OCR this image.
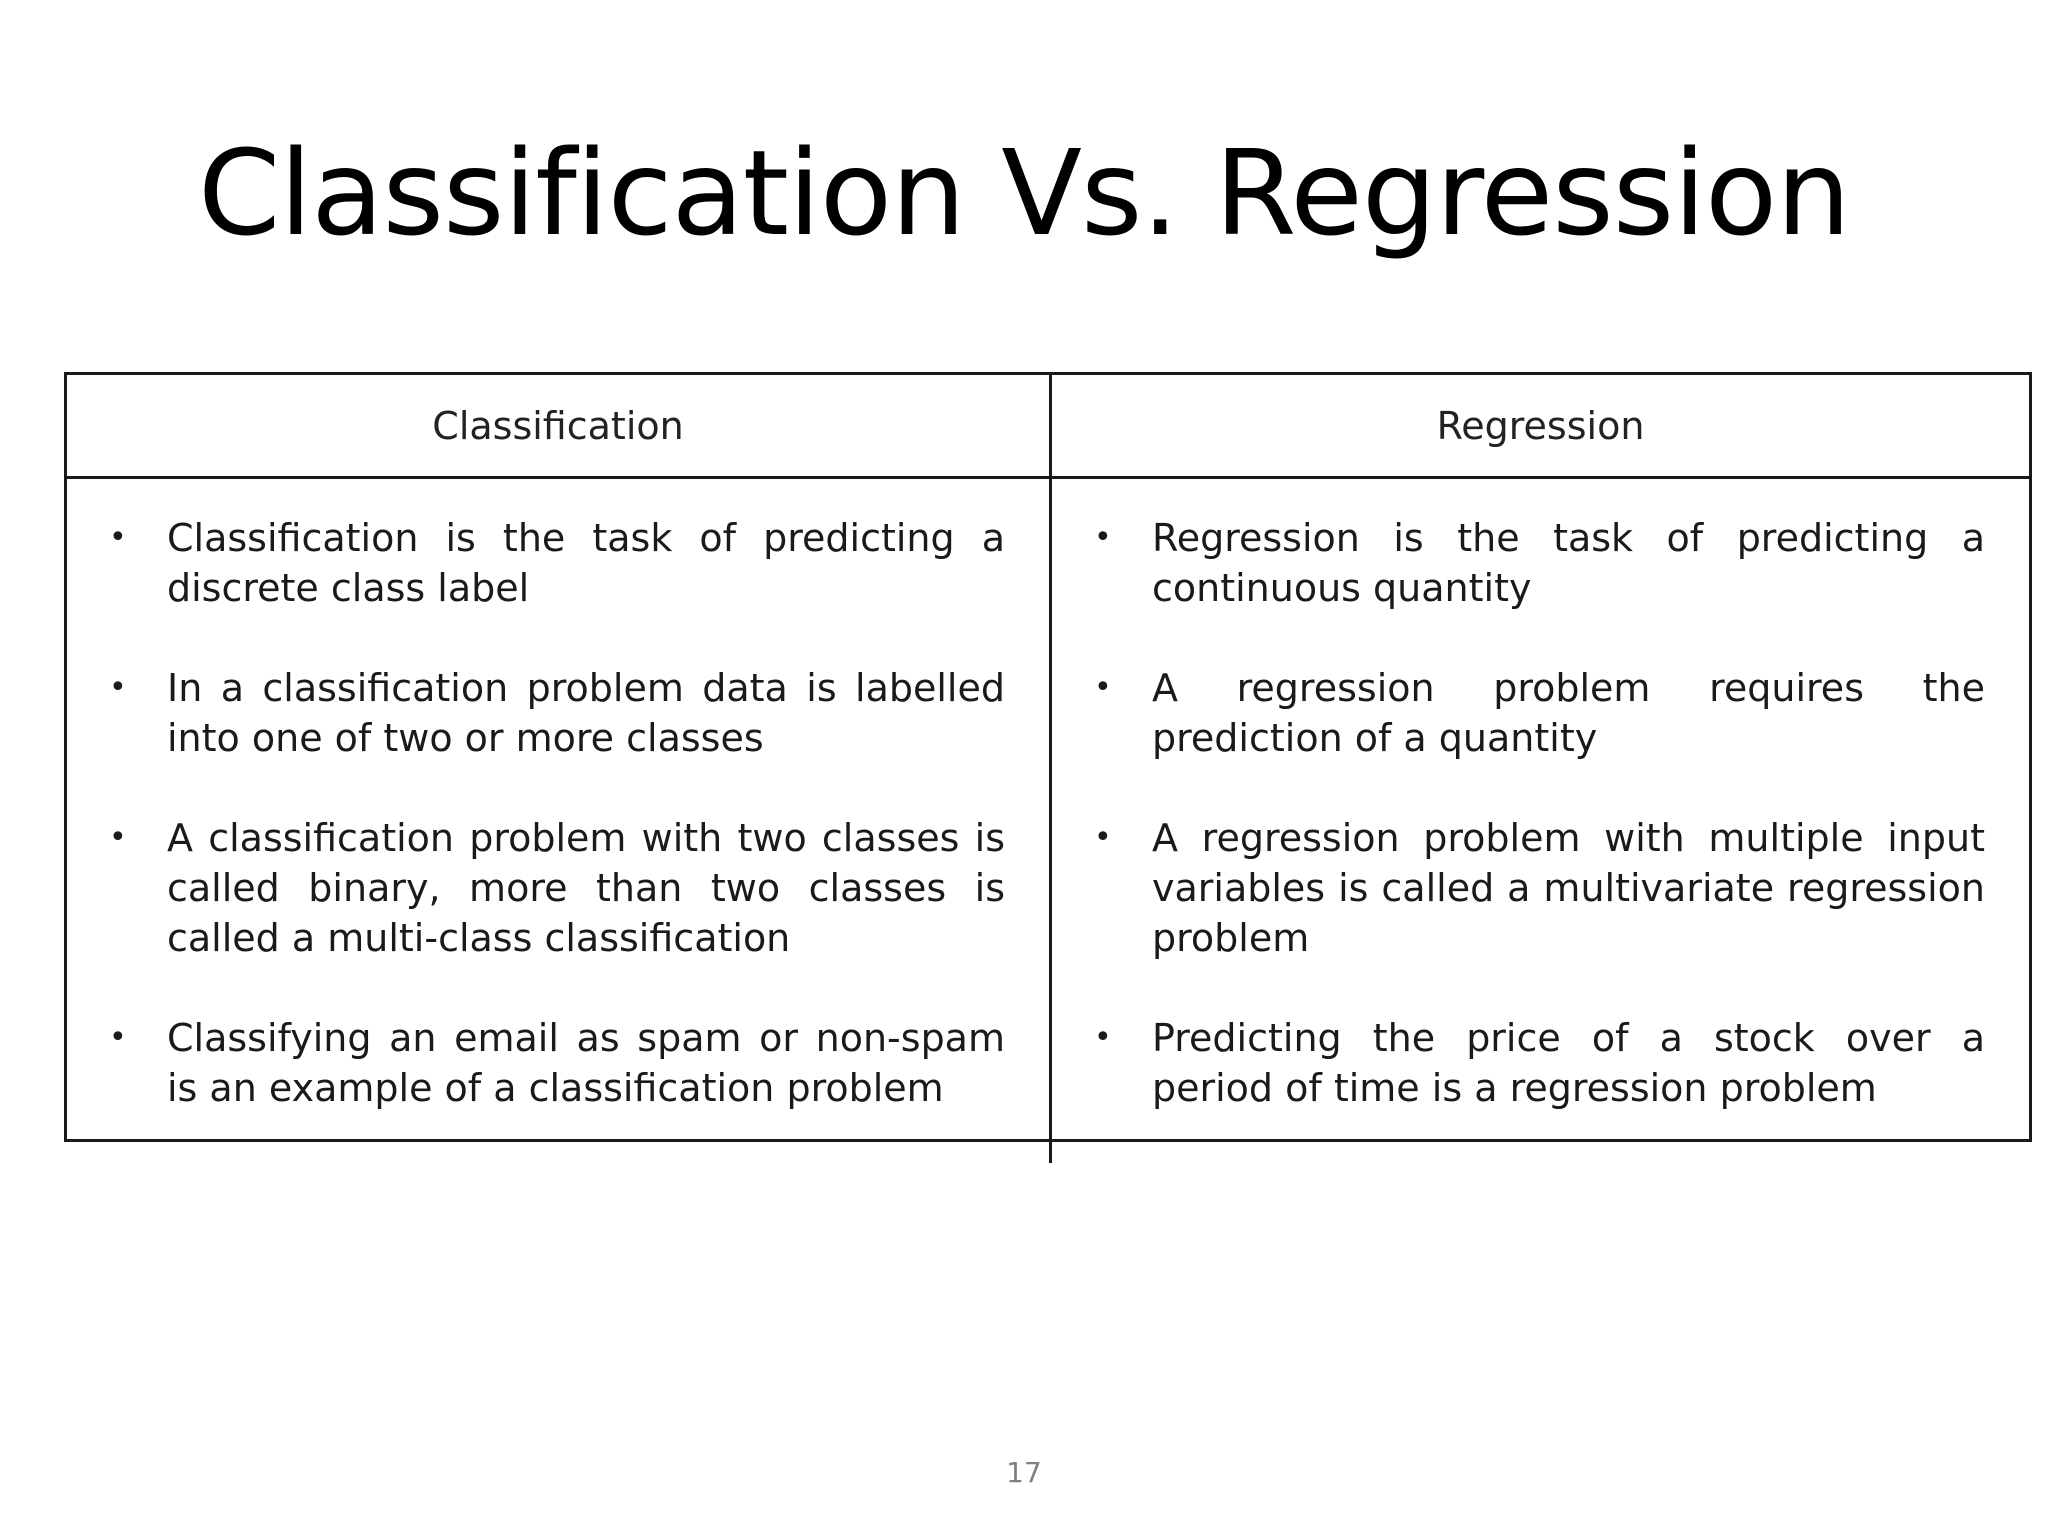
Classification Vs. Regression
Classification	Regression
• Classification is the task of predicting a discrete class label
• In a classification problem data is labelled into one of two or more classes
• A classification problem with two classes is called binary, more than two classes is called a multi-class classification
• Classifying an email as spam or non-spam is an example of a classification problem
• Regression is the task of predicting a continuous quantity
• A regression problem requires the prediction of a quantity
• A regression problem with multiple input variables is called a multivariate regression problem
• Predicting the price of a stock over a period of time is a regression problem
17
